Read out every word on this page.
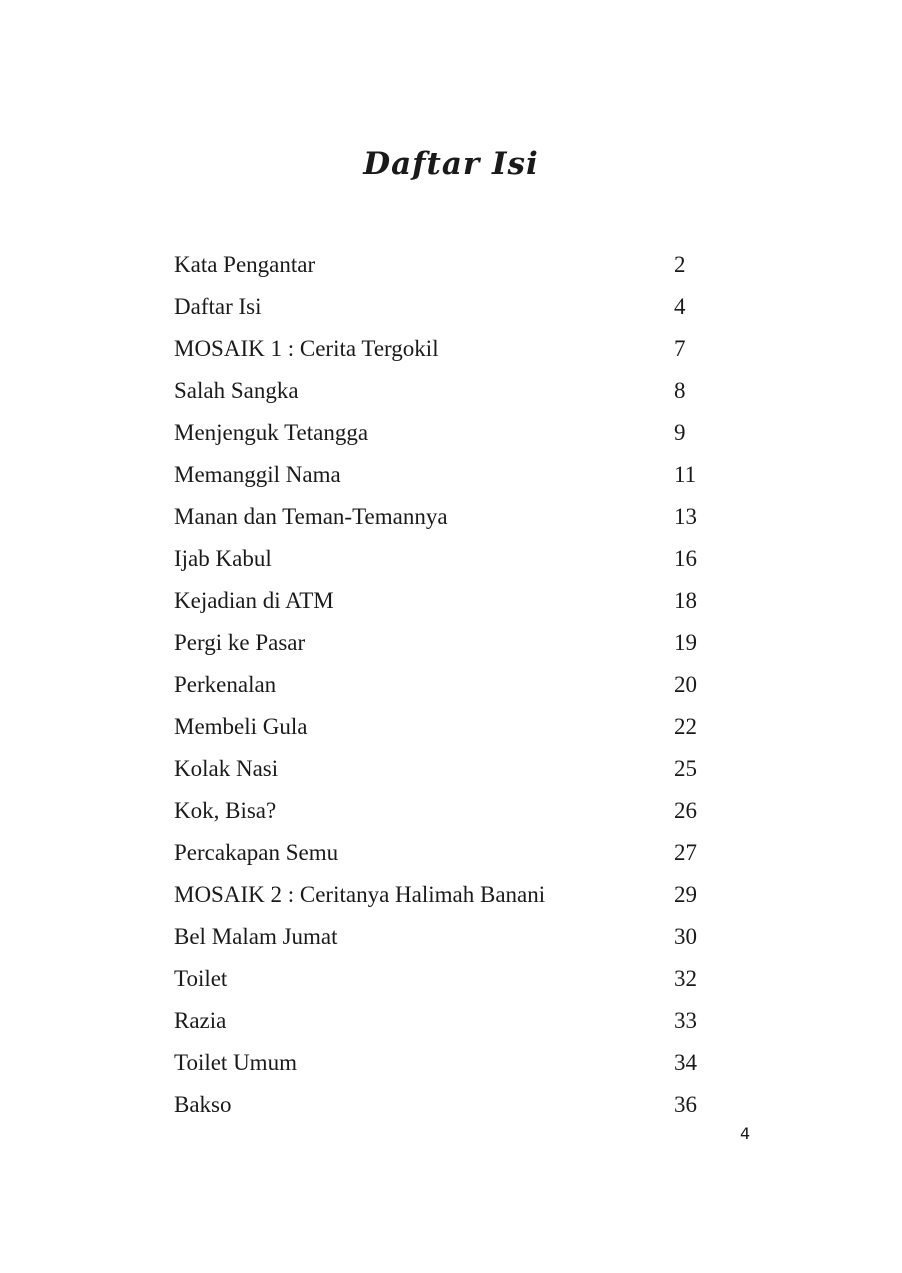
Daftar Isi
Kata Pengantar	2
Daftar Isi	4
MOSAIK 1 : Cerita Tergokil	7
Salah Sangka	8
Menjenguk Tetangga	9
Memanggil Nama	11
Manan dan Teman-Temannya	13
Ijab Kabul	16
Kejadian di ATM	18
Pergi ke Pasar	19
Perkenalan	20
Membeli Gula	22
Kolak Nasi	25
Kok, Bisa?	26
Percakapan Semu	27
MOSAIK 2 : Ceritanya Halimah Banani	29
Bel Malam Jumat	30
Toilet	32
Razia	33
Toilet Umum	34
Bakso	36
4
